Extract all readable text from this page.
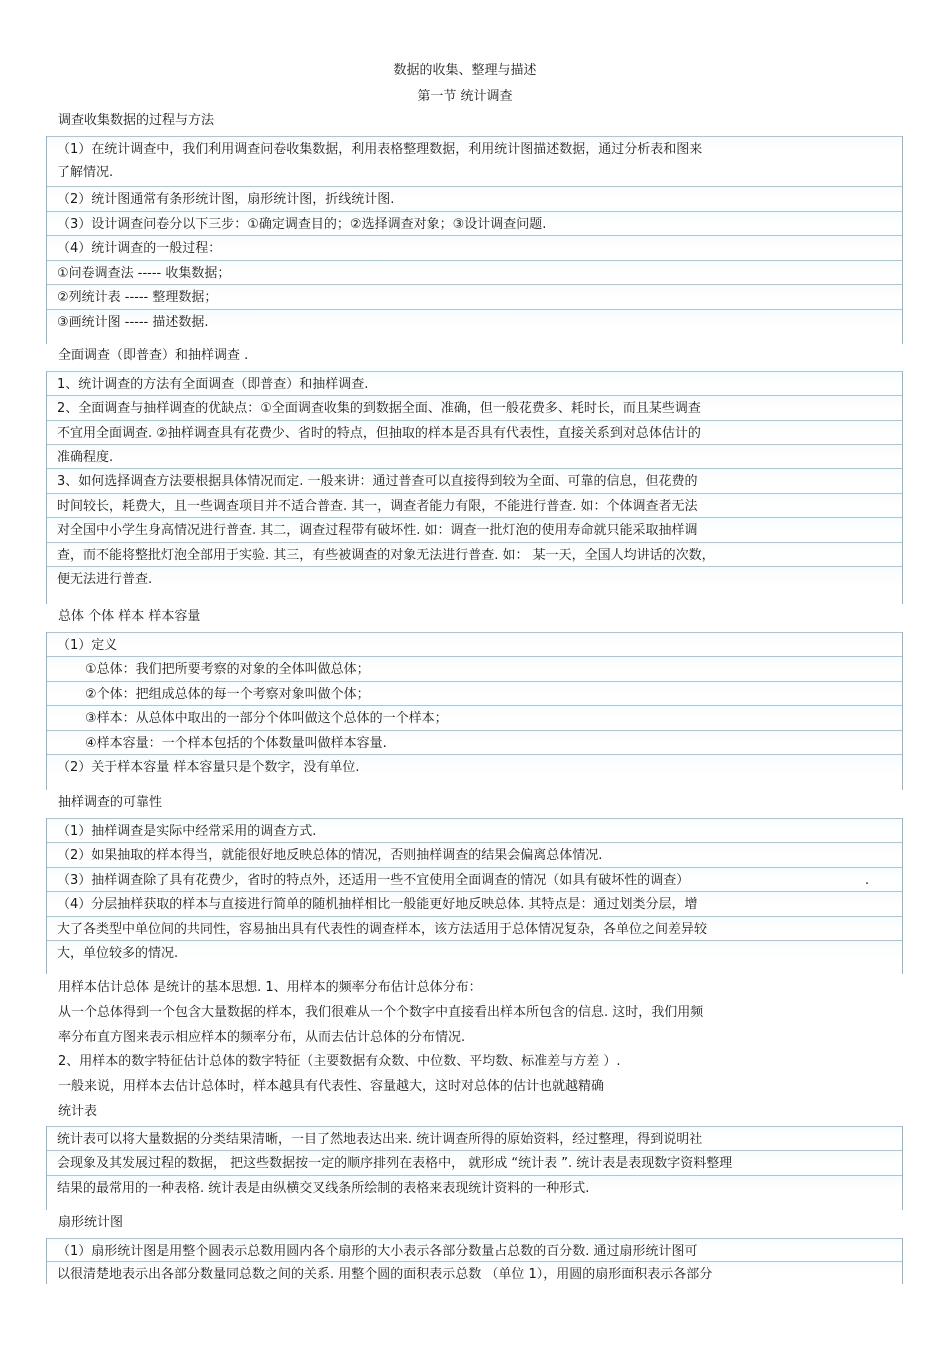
数据的收集、整理与描述
第一节 统计调查
调查收集数据的过程与方法
（1）在统计调查中，我们利用调查问卷收集数据，利用表格整理数据，利用统计图描述数据，通过分析表和图来
了解情况.
（2）统计图通常有条形统计图，扇形统计图，折线统计图.
（3）设计调查问卷分以下三步：①确定调查目的；②选择调查对象；③设计调查问题.
（4）统计调查的一般过程：
①问卷调查法 ----- 收集数据；
②列统计表 ----- 整理数据；
③画统计图 ----- 描述数据.
全面调查（即普查）和抽样调查 .
1、统计调查的方法有全面调查（即普查）和抽样调查.
2、全面调查与抽样调查的优缺点：①全面调查收集的到数据全面、准确，但一般花费多、耗时长，而且某些调查
不宜用全面调查. ②抽样调查具有花费少、省时的特点，但抽取的样本是否具有代表性，直接关系到对总体估计的
准确程度.
3、如何选择调查方法要根据具体情况而定. 一般来讲：通过普查可以直接得到较为全面、可靠的信息，但花费的
时间较长，耗费大，且一些调查项目并不适合普查. 其一，调查者能力有限，不能进行普查. 如：个体调查者无法
对全国中小学生身高情况进行普查. 其二，调查过程带有破坏性. 如：调查一批灯泡的使用寿命就只能采取抽样调
查，而不能将整批灯泡全部用于实验. 其三，有些被调查的对象无法进行普查. 如： 某一天，全国人均讲话的次数，
便无法进行普查.
总体 个体 样本 样本容量
（1）定义
①总体：我们把所要考察的对象的全体叫做总体；
②个体：把组成总体的每一个考察对象叫做个体；
③样本：从总体中取出的一部分个体叫做这个总体的一个样本；
④样本容量：一个样本包括的个体数量叫做样本容量.
（2）关于样本容量 样本容量只是个数字，没有单位.
抽样调查的可靠性
（1）抽样调查是实际中经常采用的调查方式.
（2）如果抽取的样本得当，就能很好地反映总体的情况，否则抽样调查的结果会偏离总体情况.
（3）抽样调查除了具有花费少，省时的特点外，还适用一些不宜使用全面调查的情况（如具有破坏性的调查）	.
（4）分层抽样获取的样本与直接进行简单的随机抽样相比一般能更好地反映总体. 其特点是：通过划类分层，增
大了各类型中单位间的共同性，容易抽出具有代表性的调查样本，该方法适用于总体情况复杂，各单位之间差异较
大，单位较多的情况.
用样本估计总体 是统计的基本思想. 1、用样本的频率分布估计总体分布：
从一个总体得到一个包含大量数据的样本，我们很难从一个个数字中直接看出样本所包含的信息. 这时，我们用频
率分布直方图来表示相应样本的频率分布，从而去估计总体的分布情况.
2、用样本的数字特征估计总体的数字特征（主要数据有众数、中位数、平均数、标准差与方差 ）.
一般来说，用样本去估计总体时，样本越具有代表性、容量越大，这时对总体的估计也就越精确
统计表
统计表可以将大量数据的分类结果清晰，一目了然地表达出来. 统计调查所得的原始资料，经过整理，得到说明社
会现象及其发展过程的数据， 把这些数据按一定的顺序排列在表格中， 就形成 “统计表 ”. 统计表是表现数字资料整理
结果的最常用的一种表格. 统计表是由纵横交叉线条所绘制的表格来表现统计资料的一种形式.
扇形统计图
（1）扇形统计图是用整个圆表示总数用圆内各个扇形的大小表示各部分数量占总数的百分数. 通过扇形统计图可
以很清楚地表示出各部分数量同总数之间的关系. 用整个圆的面积表示总数 （单位 1），用圆的扇形面积表示各部分
